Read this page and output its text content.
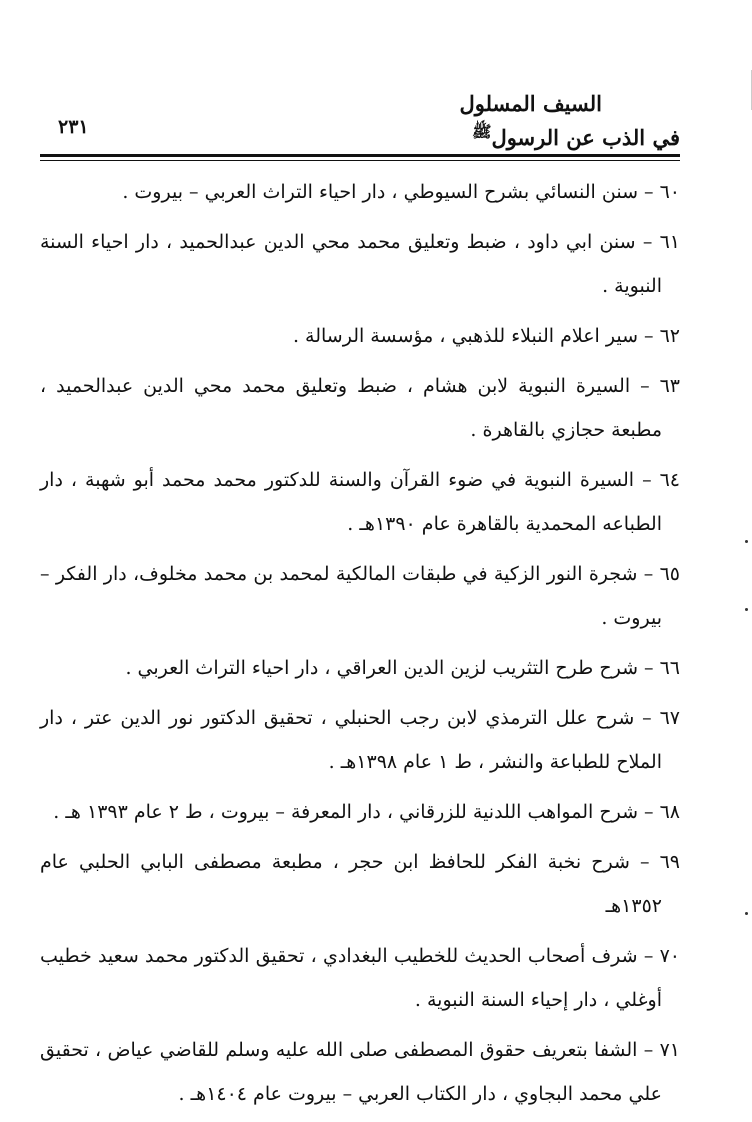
السيف المسلول
في الذب عن الرسول$^ﷺ$
٢٣١

٦٠ – سنن النسائي بشرح السيوطي ، دار احياء التراث العربي – بيروت .

٦١ – سنن ابي داود ، ضبط وتعليق محمد محي الدين عبدالحميد ، دار احياء السنة النبوية .

٦٢ – سير اعلام النبلاء للذهبي ، مؤسسة الرسالة .

٦٣ – السيرة النبوية لابن هشام ، ضبط وتعليق محمد محي الدين عبدالحميد ، مطبعة حجازي بالقاهرة .

٦٤ – السيرة النبوية في ضوء القرآن والسنة للدكتور محمد محمد أبو شهبة ، دار الطباعه المحمدية بالقاهرة عام ١٣٩٠هـ .

٦٥ – شجرة النور الزكية في طبقات المالكية لمحمد بن محمد مخلوف، دار الفكر – بيروت .

٦٦ – شرح طرح التثريب لزين الدين العراقي ، دار احياء التراث العربي .

٦٧ – شرح علل الترمذي لابن رجب الحنبلي ، تحقيق الدكتور نور الدين عتر ، دار الملاح للطباعة والنشر ، ط ١ عام ١٣٩٨هـ .

٦٨ – شرح المواهب اللدنية للزرقاني ، دار المعرفة – بيروت ، ط ٢ عام ١٣٩٣ هـ .

٦٩ – شرح نخبة الفكر للحافظ ابن حجر ، مطبعة مصطفى البابي الحلبي عام ١٣٥٢هـ

٧٠ – شرف أصحاب الحديث للخطيب البغدادي ، تحقيق الدكتور محمد سعيد خطيب أوغلي ، دار إحياء السنة النبوية .

٧١ – الشفا بتعريف حقوق المصطفى صلى الله عليه وسلم للقاضي عياض ، تحقيق علي محمد البجاوي ، دار الكتاب العربي – بيروت عام ١٤٠٤هـ .
